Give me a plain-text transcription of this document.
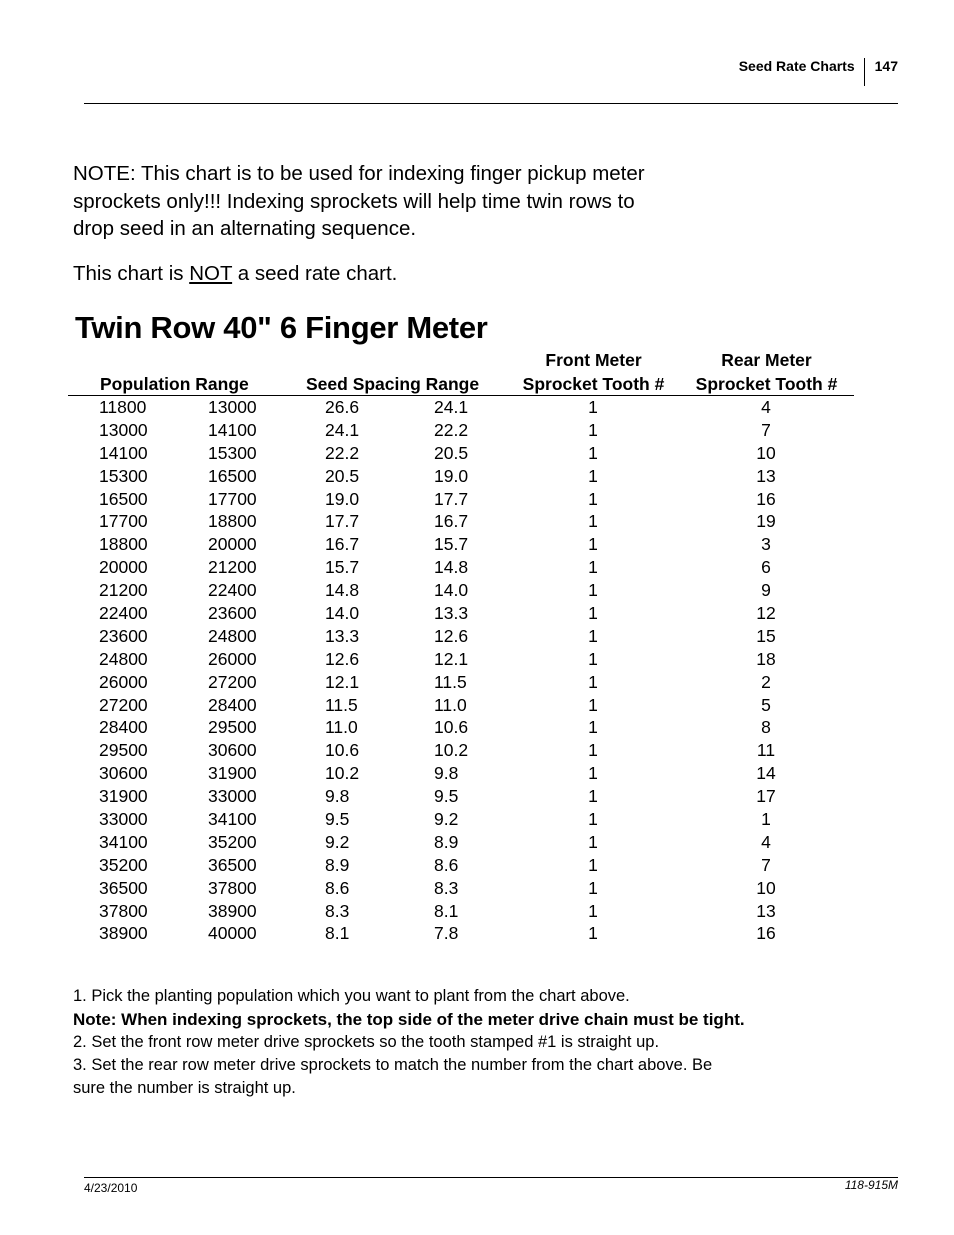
Seed Rate Charts 147
NOTE: This chart is to be used for indexing finger pickup meter
sprockets only!!! Indexing sprockets will help time twin rows to
drop seed in an alternating sequence.
This chart is NOT a seed rate chart.
Twin Row 40" 6 Finger Meter
Population Range	Seed Spacing Range
Front Meter
Sprocket Tooth #
Rear Meter
Sprocket Tooth #
11800	13000	26.6	24.1	1	4
13000	14100	24.1	22.2	1	7
14100	15300	22.2	20.5	1	10
15300	16500	20.5	19.0	1	13
16500	17700	19.0	17.7	1	16
17700	18800	17.7	16.7	1	19
18800	20000	16.7	15.7	1	3
20000	21200	15.7	14.8	1	6
21200	22400	14.8	14.0	1	9
22400	23600	14.0	13.3	1	12
23600	24800	13.3	12.6	1	15
24800	26000	12.6	12.1	1	18
26000	27200	12.1	11.5	1	2
27200	28400	11.5	11.0	1	5
28400	29500	11.0	10.6	1	8
29500	30600	10.6	10.2	1	11
30600	31900	10.2	9.8	1	14
31900	33000	9.8	9.5	1	17
33000	34100	9.5	9.2	1	1
34100	35200	9.2	8.9	1	4
35200	36500	8.9	8.6	1	7
36500	37800	8.6	8.3	1	10
37800	38900	8.3	8.1	1	13
38900	40000	8.1	7.8	1	16
1. Pick the planting population which you want to plant from the chart above.
Note: When indexing sprockets, the top side of the meter drive chain must be tight.
2. Set the front row meter drive sprockets so the tooth stamped #1 is straight up.
3. Set the rear row meter drive sprockets to match the number from the chart above. Be
sure the number is straight up.
4/23/2010	118-915M
